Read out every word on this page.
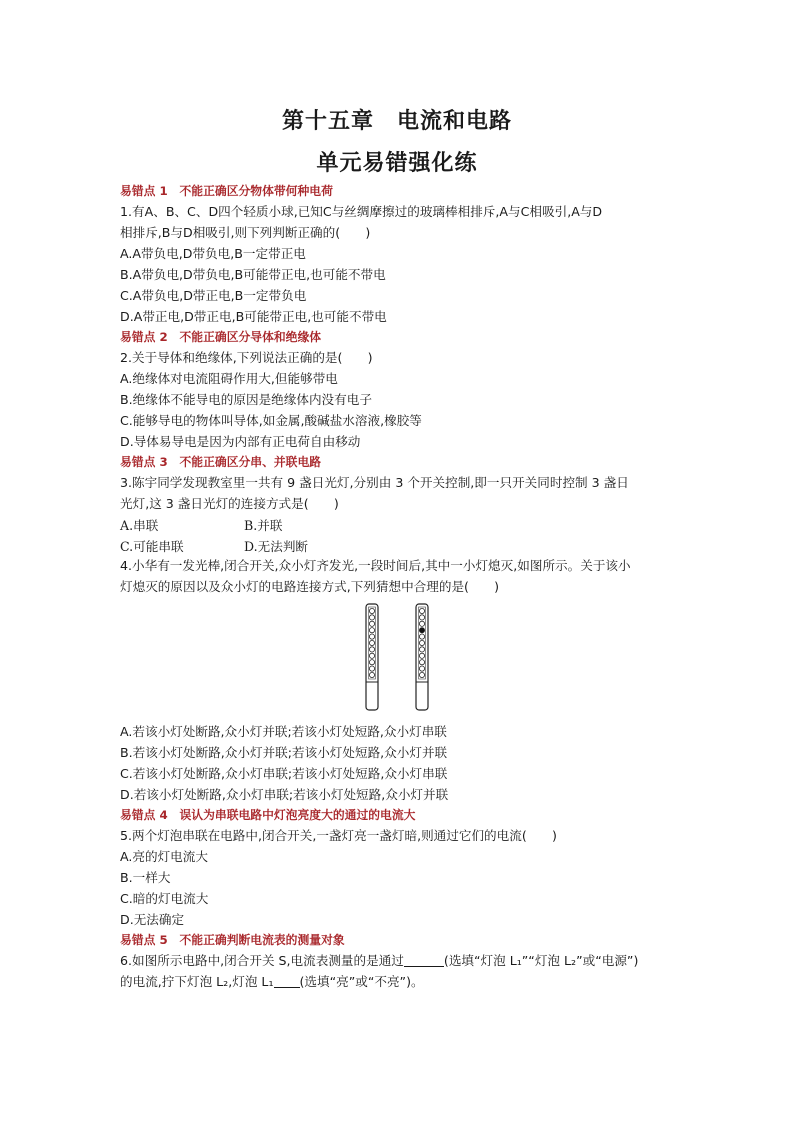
第十五章　电流和电路
单元易错强化练
易错点 1　不能正确区分物体带何种电荷
1.有A、B、C、D四个轻质小球,已知C与丝绸摩擦过的玻璃棒相排斥,A与C相吸引,A与D
相排斥,B与D相吸引,则下列判断正确的(　　)
A.A带负电,D带负电,B一定带正电
B.A带负电,D带负电,B可能带正电,也可能不带电
C.A带负电,D带正电,B一定带负电
D.A带正电,D带正电,B可能带正电,也可能不带电
易错点 2　不能正确区分导体和绝缘体
2.关于导体和绝缘体,下列说法正确的是(　　)
A.绝缘体对电流阻碍作用大,但能够带电
B.绝缘体不能导电的原因是绝缘体内没有电子
C.能够导电的物体叫导体,如金属,酸碱盐水溶液,橡胶等
D.导体易导电是因为内部有正电荷自由移动
易错点 3　不能正确区分串、并联电路
3.陈宇同学发现教室里一共有 9 盏日光灯,分别由 3 个开关控制,即一只开关同时控制 3 盏日
光灯,这 3 盏日光灯的连接方式是(　　)
A.串联	B.并联
C.可能串联	D.无法判断
4.小华有一发光棒,闭合开关,众小灯齐发光,一段时间后,其中一小灯熄灭,如图所示。关于该小
灯熄灭的原因以及众小灯的电路连接方式,下列猜想中合理的是(　　)
A.若该小灯处断路,众小灯并联;若该小灯处短路,众小灯串联
B.若该小灯处断路,众小灯并联;若该小灯处短路,众小灯并联
C.若该小灯处断路,众小灯串联;若该小灯处短路,众小灯串联
D.若该小灯处断路,众小灯串联;若该小灯处短路,众小灯并联
易错点 4　误认为串联电路中灯泡亮度大的通过的电流大
5.两个灯泡串联在电路中,闭合开关,一盏灯亮一盏灯暗,则通过它们的电流(　　)
A.亮的灯电流大
B.一样大
C.暗的灯电流大
D.无法确定
易错点 5　不能正确判断电流表的测量对象
6.如图所示电路中,闭合开关 S,电流表测量的是通过	(选填“灯泡 L₁”“灯泡 L₂”或“电源”)
的电流,拧下灯泡 L₂,灯泡 L₁ (选填“亮”或“不亮”)。
